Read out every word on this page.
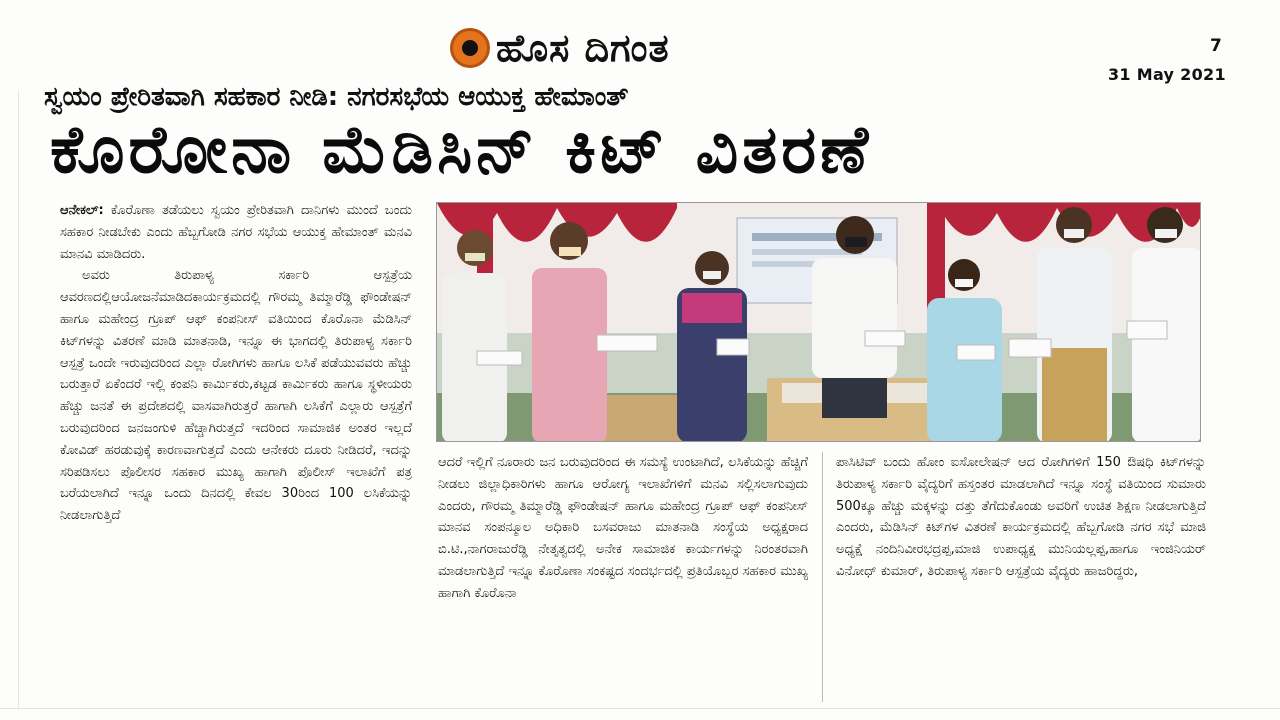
ಹೊಸ ದಿಗಂತ	7
31 May 2021
ಸ್ವಯಂ ಪ್ರೇರಿತವಾಗಿ ಸಹಕಾರ ನೀಡಿ: ನಗರಸಭೆಯ ಆಯುಕ್ತ ಹೇಮಾಂತ್
ಕೊರೋನಾ ಮೆಡಿಸಿನ್ ಕಿಟ್ ವಿತರಣೆ

ಆನೇಕಲ್: ಕೊರೊಣಾ ತಡೆಯಲು ಸ್ವಯಂ ಪ್ರೇರಿತವಾಗಿ ದಾನಿಗಳು ಮುಂದೆ ಬಂದು ಸಹಕಾರ ನೀಡಬೇಕು ಎಂದು ಹೆಬ್ಬಗೋಡಿ ನಗರ ಸಭೆಯ ಆಯುಕ್ತ ಹೇಮಾಂತ್ ಮನವಿ ಮಾನವಿ ಮಾಡಿದರು.

ಅವರು ತಿರುಪಾಳ್ಯ ಸರ್ಕಾರಿ ಆಸ್ಪತ್ರೆಯ ಆವರಣದಲ್ಲಿಆಯೋಜನೆಮಾಡಿದಕಾರ್ಯಕ್ರಮದಲ್ಲಿ ಗೌರಮ್ಮ ತಿಮ್ಮಾರೆಡ್ಡಿ ಫೌಂಡೇಷನ್ ಹಾಗೂ ಮಹೇಂದ್ರ ಗ್ರೂಪ್ ಆಫ್ ಕಂಪನೀಸ್ ವತಿಯಿಂದ ಕೊರೊನಾ ಮೆಡಿಸಿನ್ ಕಿಟ್‌ಗಳನ್ನು ವಿತರಣೆ ಮಾಡಿ ಮಾತನಾಡಿ, ಇನ್ನೂ ಈ ಭಾಗದಲ್ಲಿ ತಿರುಪಾಳ್ಯ ಸರ್ಕಾರಿ ಆಸ್ಪತ್ರೆ ಒಂದೇ ಇರುವುದರಿಂದ ಎಲ್ಲಾ ರೋಗಿಗಳು ಹಾಗೂ ಲಸಿಕೆ ಪಡೆಯುವವರು ಹೆಚ್ಚು ಬರುತ್ತಾರೆ ಏಕೆಂದರೆ ಇಲ್ಲಿ ಕಂಪನಿ ಕಾರ್ಮಿಕರು,ಕಟ್ಟಡ ಕಾರ್ಮಿಕರು ಹಾಗೂ ಸ್ಥಳೀಯರು ಹೆಚ್ಚು ಜನತೆ ಈ ಪ್ರದೇಶದಲ್ಲಿ ವಾಸವಾಗಿರುತ್ತರೆ ಹಾಗಾಗಿ ಲಸಿಕೆಗೆ ಎಲ್ಲಾರು ಆಸ್ಪತ್ರೆಗೆ ಬರುವುದರಿಂದ ಜನಜಂಗುಳಿ ಹೆಚ್ಚಾಗಿರುತ್ತದೆ ಇದರಿಂದ ಸಾಮಾಜಿಕ ಅಂತರ ಇಲ್ಲದೆ ಕೋವಿಡ್ ಹರಡುವುಕ್ಕೆ ಕಾರಣವಾಗುತ್ತದೆ ಎಂದು ಆನೇಕರು ದೂರು ನೀಡಿದರೆ, ಇದನ್ನು ಸರಿಪಡಿಸಲು ಪೊಲೀಸರ ಸಹಕಾರ ಮುಖ್ಯ ಹಾಗಾಗಿ ಪೊಲೀಸ್ ಇಲಾಖೆಗೆ ಪತ್ರ ಬರೆಯಲಾಗಿದೆ ಇನ್ನೂ ಒಂದು ದಿನದಲ್ಲಿ ಕೇವಲ 30ರಿಂದ 100 ಲಸಿಕೆಯನ್ನು ನೀಡಲಾಗುತ್ತಿದೆ

ಆದರೆ ಇಲ್ಲಿಗೆ ನೂರಾರು ಜನ ಬರುವುದರಿಂದ ಈ ಸಮಸ್ಯೆ ಉಂಟಾಗಿದೆ, ಲಸಿಕೆಯನ್ನು ಹೆಚ್ಚಿಗೆ ನೀಡಲು ಜಿಲ್ಲಾಧಿಕಾರಿಗಳು ಹಾಗೂ ಆರೋಗ್ಯ ಇಲಾಖೆಗಳಿಗೆ ಮನವಿ ಸಲ್ಲಿಸಲಾಗುವುದು ಎಂದರು, ಗೌರಮ್ಮ ತಿಮ್ಮಾರೆಡ್ಡಿ ಫೌಂಡೇಷನ್ ಹಾಗೂ ಮಹೇಂದ್ರ ಗ್ರೂಪ್ ಆಫ್ ಕಂಪನೀಸ್ ಮಾನವ ಸಂಪನ್ಮೂಲ ಅಧಿಕಾರಿ ಬಸವರಾಜು ಮಾತನಾಡಿ ಸಂಸ್ಥೆಯ ಅಧ್ಯಕ್ಷರಾದ ಬಿ.ಟಿ.,ನಾಗರಾಜುರೆಡ್ಡಿ ನೇತೃತ್ವದಲ್ಲಿ ಅನೇಕ ಸಾಮಾಜಿಕ ಕಾರ್ಯಗಳನ್ನು ನಿರಂತರವಾಗಿ ಮಾಡಲಾಗುತ್ತಿದೆ ಇನ್ನೂ ಕೊರೊಣಾ ಸಂಕಷ್ಟದ ಸಂದರ್ಭದಲ್ಲಿ ಪ್ರತಿಯೊಬ್ಬರ ಸಹಕಾರ ಮುಖ್ಯ ಹಾಗಾಗಿ ಕೊರೊನಾ

ಪಾಸಿಟಿವ್ ಬಂದು ಹೋಂ ಐಸೋಲೇಷನ್ ಆದ ರೋಗಿಗಳಿಗೆ 150 ಔಷಧಿ ಕಿಟ್‌ಗಳನ್ನು ತಿರುಪಾಳ್ಯ ಸರ್ಕಾರಿ ವೈದ್ಯರಿಗೆ ಹಸ್ತಂತರ ಮಾಡಲಾಗಿದೆ ಇನ್ನೂ ಸಂಸ್ಥೆ ವತಿಯಿಂದ ಸುಮಾರು 500ಕ್ಕೂ ಹೆಚ್ಚು ಮಕ್ಕಳನ್ನು ದತ್ತು ತೆಗೆದುಕೊಂಡು ಅವರಿಗೆ ಉಚಿತ ಶಿಕ್ಷಣ ನೀಡಲಾಗುತ್ತಿದೆ ಎಂದರು, ಮೆಡಿಸಿನ್ ಕಿಟ್‌ಗಳ ವಿತರಣೆ ಕಾರ್ಯಕ್ರಮದಲ್ಲಿ ಹೆಬ್ಬಗೋಡಿ ನಗರ ಸಭೆ ಮಾಜಿ ಅಧ್ಯಕ್ಷೆ ನಂದಿನಿವೀರಭದ್ರಪ್ಪ,ಮಾಜಿ ಉಪಾಧ್ಯಕ್ಷ ಮುನಿಯಲ್ಲಪ್ಪ,ಹಾಗೂ ಇಂಜಿನಿಯರ್ ವಿನೋಧ್ ಕುಮಾರ್, ತಿರುಪಾಳ್ಯ ಸರ್ಕಾರಿ ಆಸ್ಪತ್ರೆಯ ವೈದ್ಯರು ಹಾಜರಿದ್ದರು,
